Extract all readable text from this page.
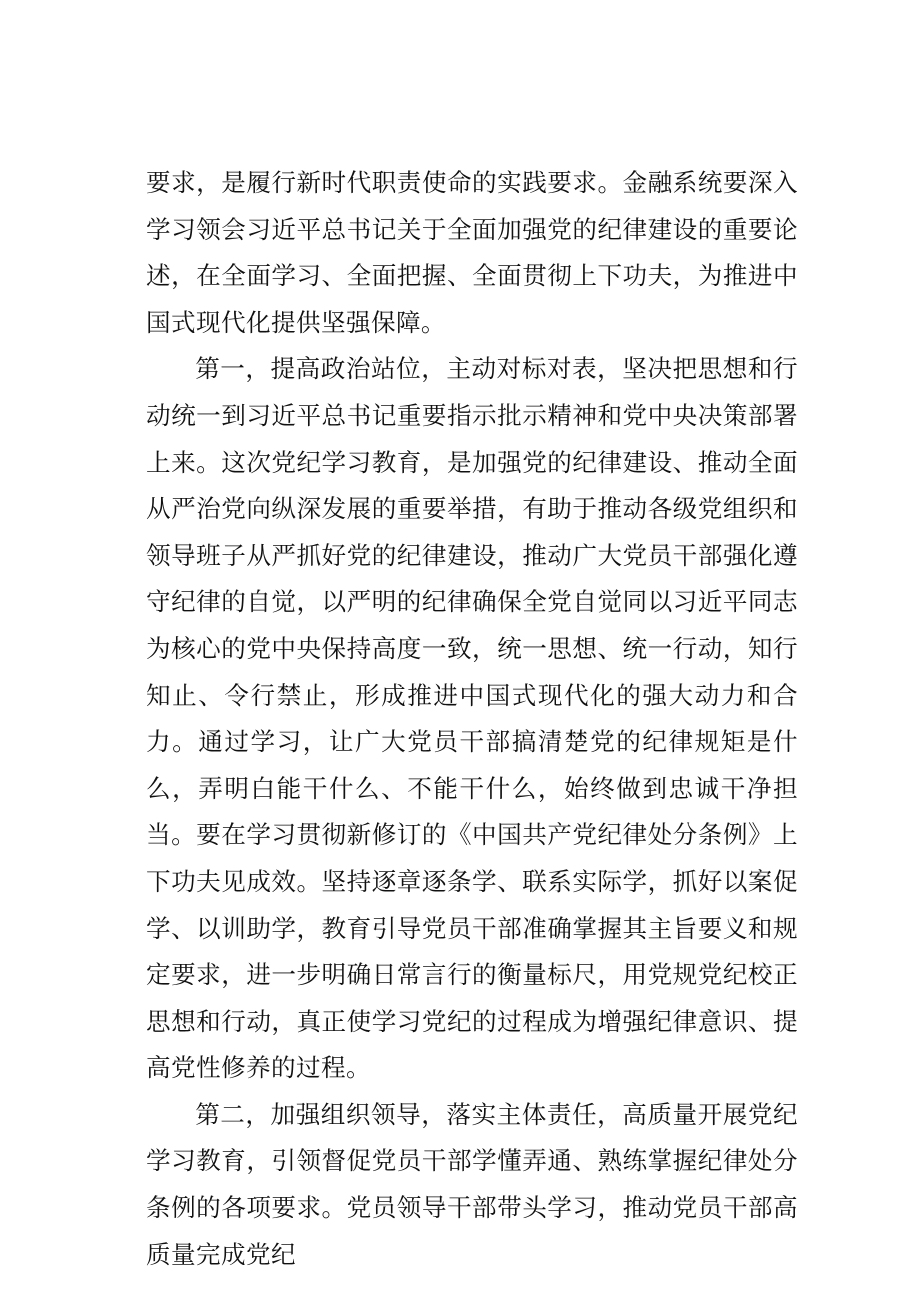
要求，是履行新时代职责使命的实践要求。金融系统要深入学习领会习近平总书记关于全面加强党的纪律建设的重要论述，在全面学习、全面把握、全面贯彻上下功夫，为推进中国式现代化提供坚强保障。

第一，提高政治站位，主动对标对表，坚决把思想和行动统一到习近平总书记重要指示批示精神和党中央决策部署上来。这次党纪学习教育，是加强党的纪律建设、推动全面从严治党向纵深发展的重要举措，有助于推动各级党组织和领导班子从严抓好党的纪律建设，推动广大党员干部强化遵守纪律的自觉，以严明的纪律确保全党自觉同以习近平同志为核心的党中央保持高度一致，统一思想、统一行动，知行知止、令行禁止，形成推进中国式现代化的强大动力和合力。通过学习，让广大党员干部搞清楚党的纪律规矩是什么，弄明白能干什么、不能干什么，始终做到忠诚干净担当。要在学习贯彻新修订的《中国共产党纪律处分条例》上下功夫见成效。坚持逐章逐条学、联系实际学，抓好以案促学、以训助学，教育引导党员干部准确掌握其主旨要义和规定要求，进一步明确日常言行的衡量标尺，用党规党纪校正思想和行动，真正使学习党纪的过程成为增强纪律意识、提高党性修养的过程。

第二，加强组织领导，落实主体责任，高质量开展党纪学习教育，引领督促党员干部学懂弄通、熟练掌握纪律处分条例的各项要求。党员领导干部带头学习，推动党员干部高质量完成党纪
